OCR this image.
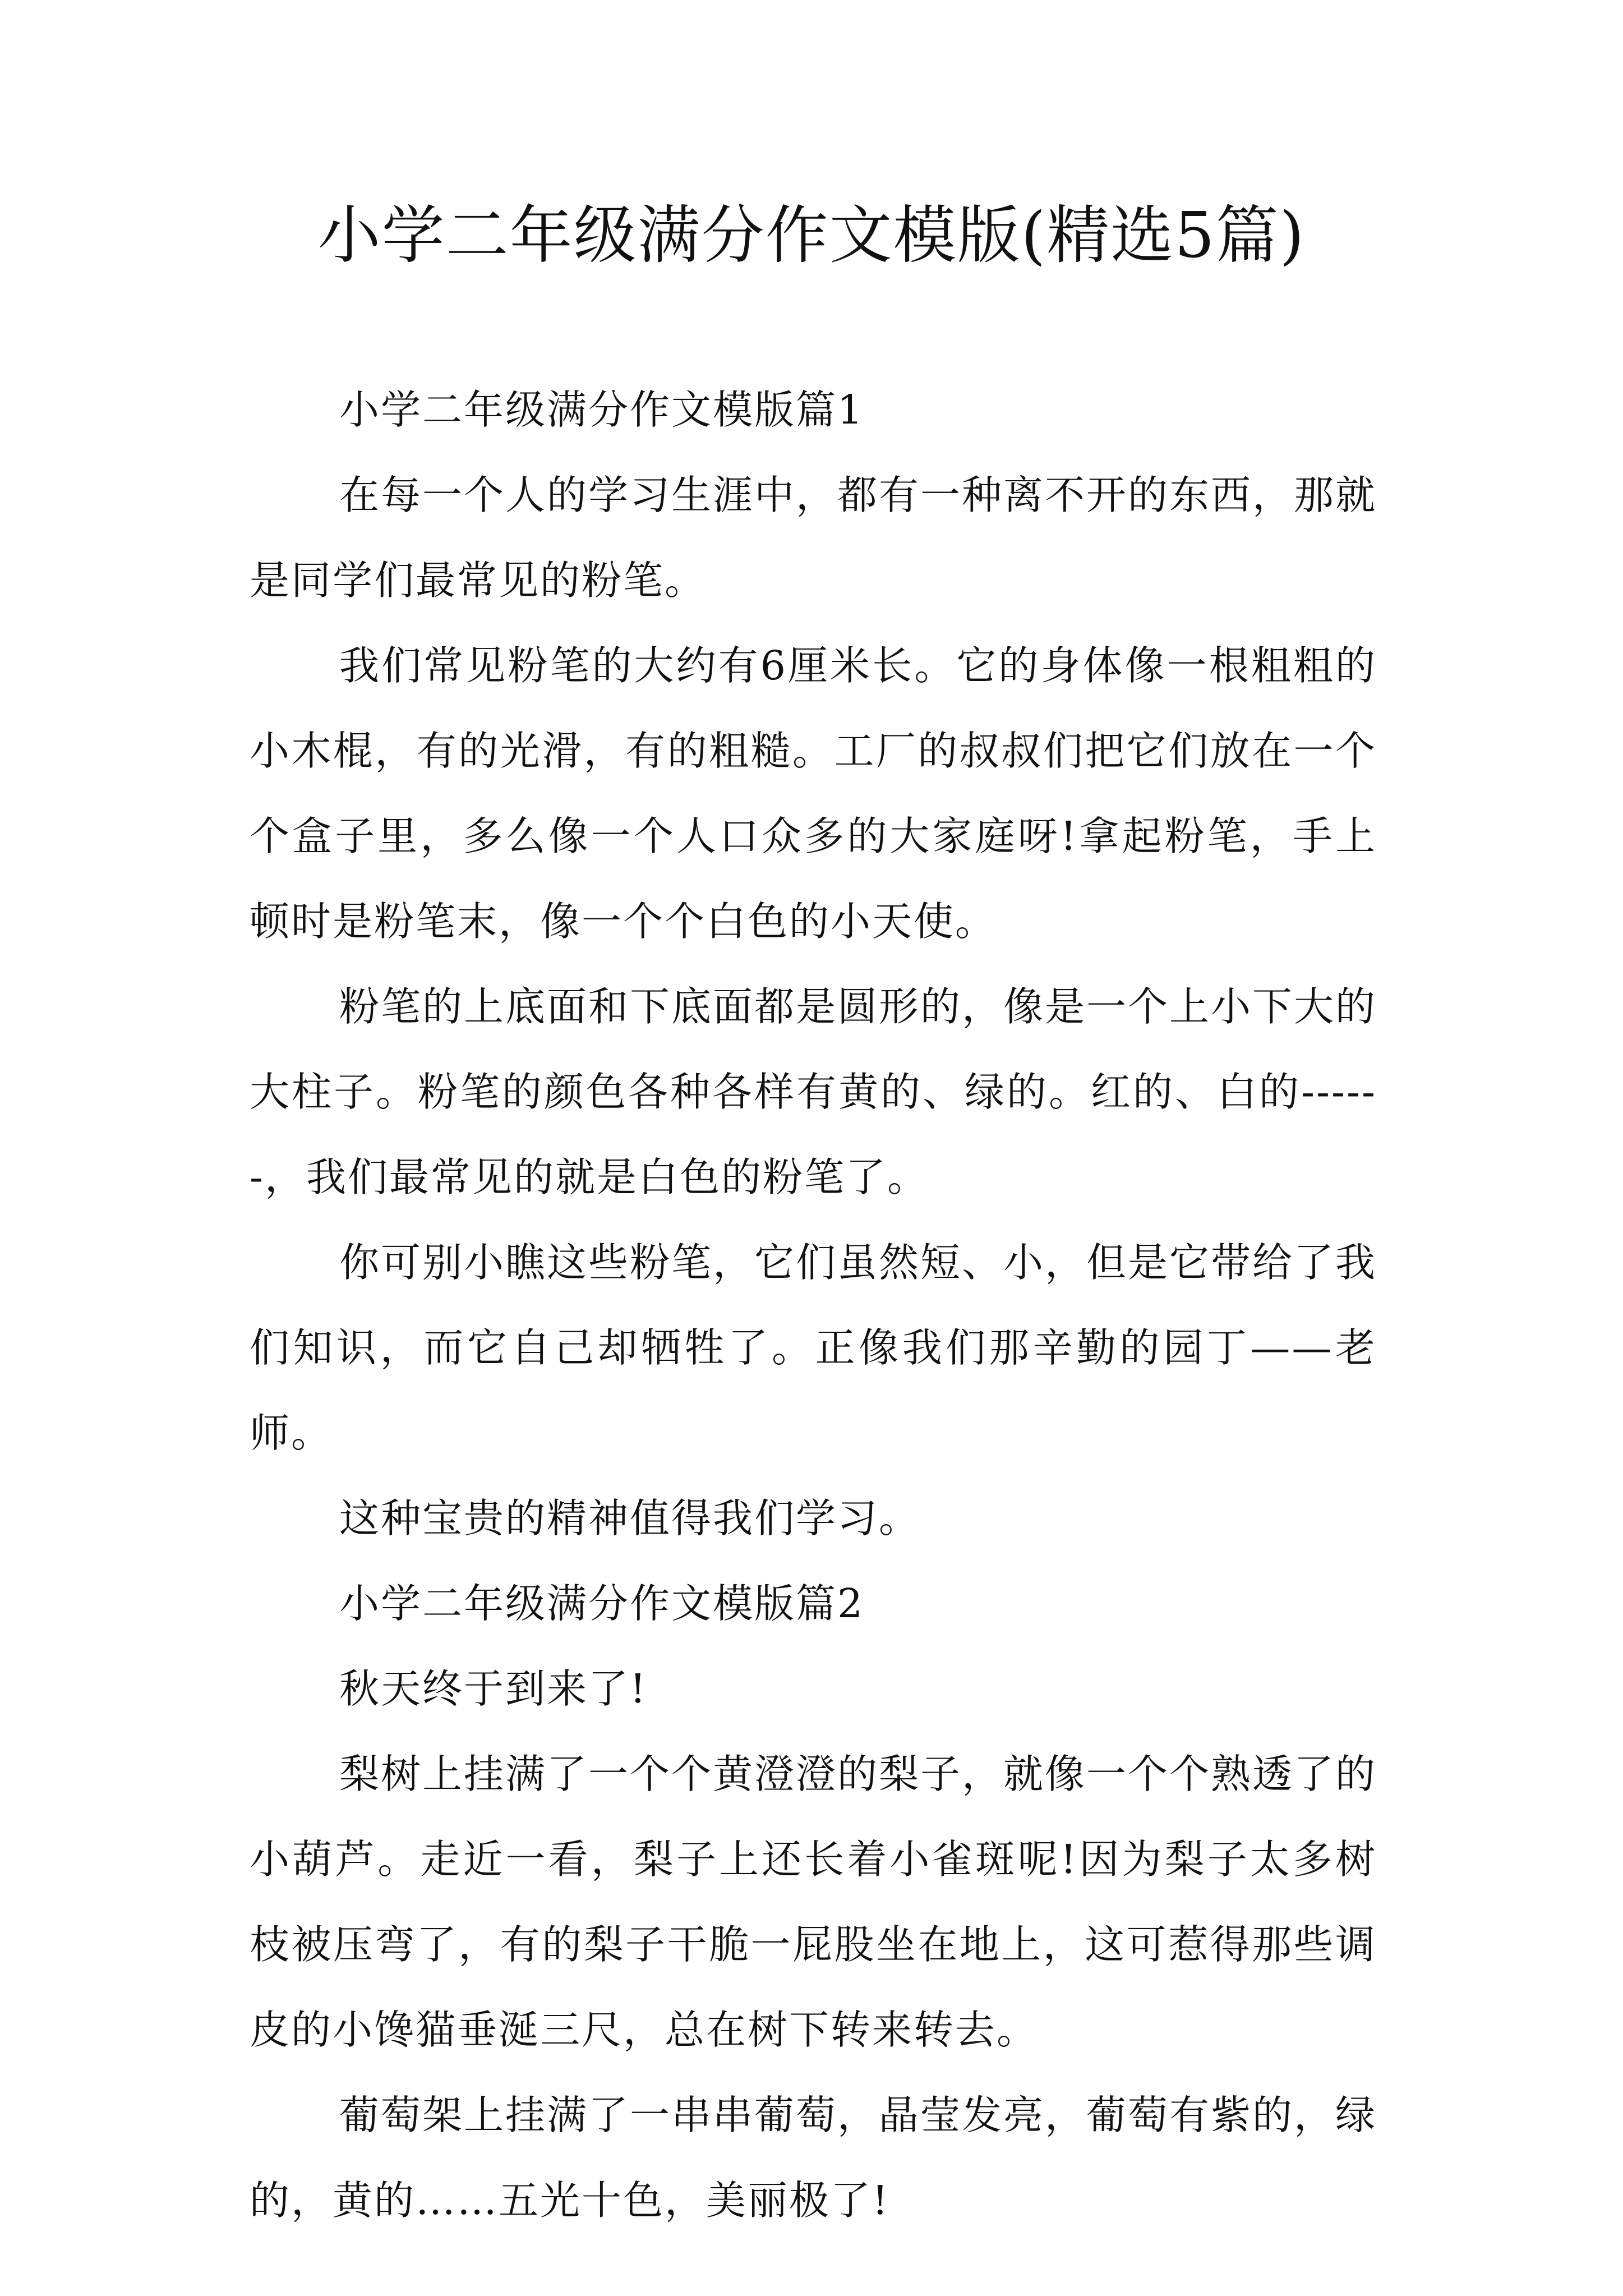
小学二年级满分作文模版(精选5篇)

小学二年级满分作文模版篇1

在每一个人的学习生涯中，都有一种离不开的东西，那就是同学们最常见的粉笔。

我们常见粉笔的大约有6厘米长。它的身体像一根粗粗的小木棍，有的光滑，有的粗糙。工厂的叔叔们把它们放在一个个盒子里，多么像一个人口众多的大家庭呀!拿起粉笔，手上顿时是粉笔末，像一个个白色的小天使。

粉笔的上底面和下底面都是圆形的，像是一个上小下大的大柱子。粉笔的颜色各种各样有黄的、绿的。红的、白的------，我们最常见的就是白色的粉笔了。

你可别小瞧这些粉笔，它们虽然短、小，但是它带给了我们知识，而它自己却牺牲了。正像我们那辛勤的园丁——老师。

这种宝贵的精神值得我们学习。

小学二年级满分作文模版篇2

秋天终于到来了!

梨树上挂满了一个个黄澄澄的梨子，就像一个个熟透了的小葫芦。走近一看，梨子上还长着小雀斑呢!因为梨子太多树枝被压弯了，有的梨子干脆一屁股坐在地上，这可惹得那些调皮的小馋猫垂涎三尺，总在树下转来转去。

葡萄架上挂满了一串串葡萄，晶莹发亮，葡萄有紫的，绿的，黄的……五光十色，美丽极了!
